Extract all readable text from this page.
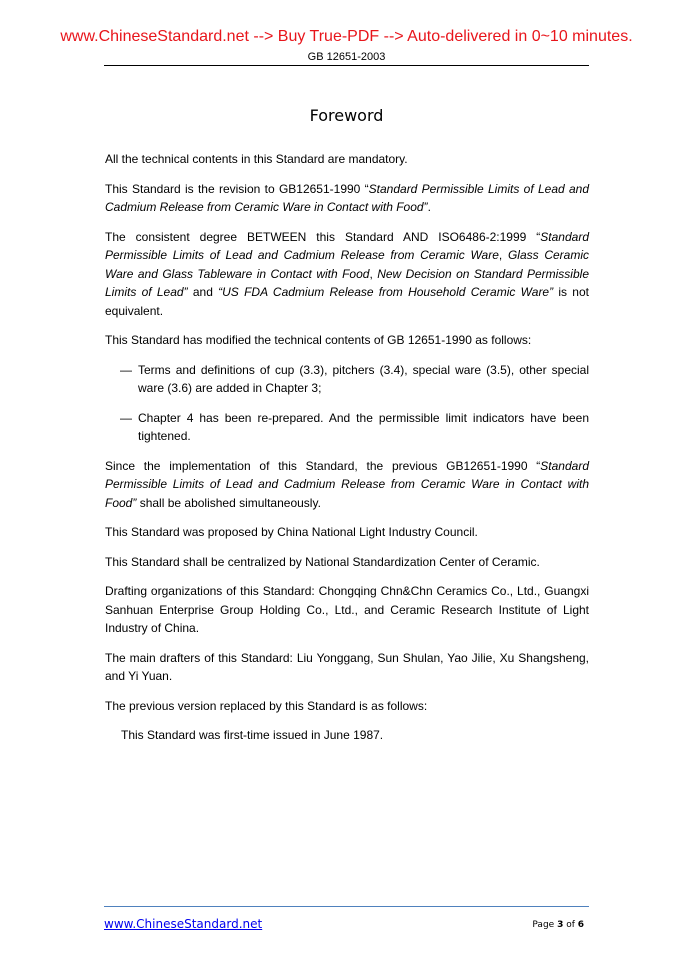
www.ChineseStandard.net --> Buy True-PDF --> Auto-delivered in 0~10 minutes.
GB 12651-2003
Foreword

All the technical contents in this Standard are mandatory.

This Standard is the revision to GB12651-1990 “Standard Permissible Limits of Lead and Cadmium Release from Ceramic Ware in Contact with Food”.

The consistent degree BETWEEN this Standard AND ISO6486-2:1999 “Standard Permissible Limits of Lead and Cadmium Release from Ceramic Ware, Glass Ceramic Ware and Glass Tableware in Contact with Food, New Decision on Standard Permissible Limits of Lead” and “US FDA Cadmium Release from Household Ceramic Ware” is not equivalent.

This Standard has modified the technical contents of GB 12651-1990 as follows:

— Terms and definitions of cup (3.3), pitchers (3.4), special ware (3.5), other special ware (3.6) are added in Chapter 3;

— Chapter 4 has been re-prepared. And the permissible limit indicators have been tightened.

Since the implementation of this Standard, the previous GB12651-1990 “Standard Permissible Limits of Lead and Cadmium Release from Ceramic Ware in Contact with Food” shall be abolished simultaneously.

This Standard was proposed by China National Light Industry Council.

This Standard shall be centralized by National Standardization Center of Ceramic.

Drafting organizations of this Standard: Chongqing Chn&Chn Ceramics Co., Ltd., Guangxi Sanhuan Enterprise Group Holding Co., Ltd., and Ceramic Research Institute of Light Industry of China.

The main drafters of this Standard: Liu Yonggang, Sun Shulan, Yao Jilie, Xu Shangsheng, and Yi Yuan.

The previous version replaced by this Standard is as follows:

This Standard was first-time issued in June 1987.

www.ChineseStandard.net	Page 3 of 6
